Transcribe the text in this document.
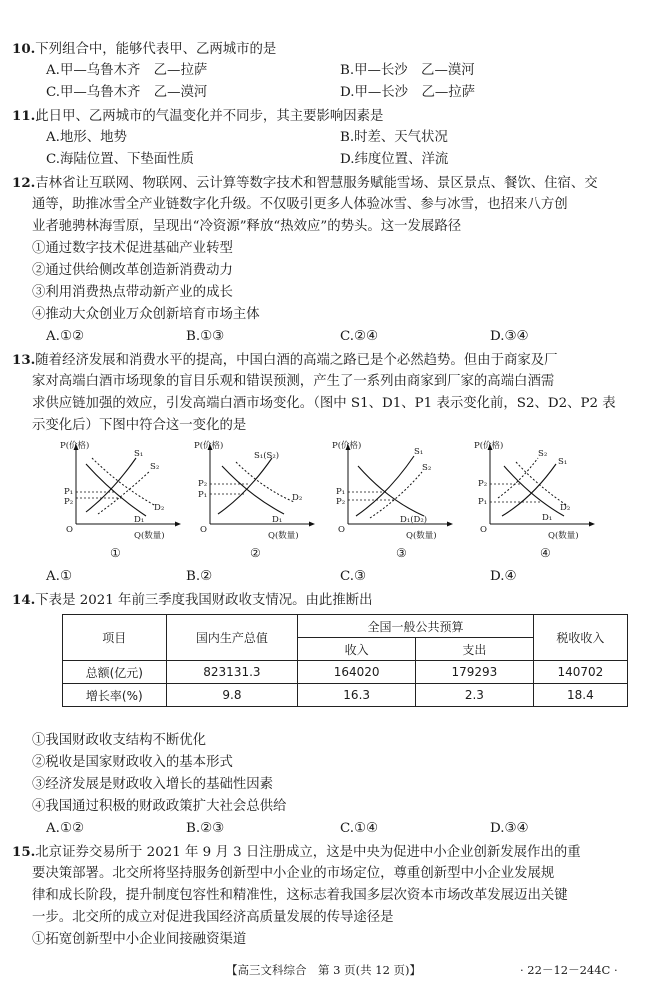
10.下列组合中，能够代表甲、乙两城市的是
A.甲—乌鲁木齐　乙—拉萨	B.甲—长沙　乙—漠河
C.甲—乌鲁木齐　乙—漠河	D.甲—长沙　乙—拉萨
11.此日甲、乙两城市的气温变化并不同步，其主要影响因素是
A.地形、地势	B.时差、天气状况
C.海陆位置、下垫面性质	D.纬度位置、洋流
12.吉林省让互联网、物联网、云计算等数字技术和智慧服务赋能雪场、景区景点、餐饮、住宿、交
通等，助推冰雪全产业链数字化升级。不仅吸引更多人体验冰雪、参与冰雪，也招来八方创
业者驰骋林海雪原，呈现出“冷资源”释放“热效应”的势头。这一发展路径
①通过数字技术促进基础产业转型
②通过供给侧改革创造新消费动力
③利用消费热点带动新产业的成长
④推动大众创业万众创新培育市场主体
A.①②	B.①③	C.②④	D.③④
13.随着经济发展和消费水平的提高，中国白酒的高端之路已是个必然趋势。但由于商家及厂
家对高端白酒市场现象的盲目乐观和错误预测，产生了一系列由商家到厂家的高端白酒需
求供应链加强的效应，引发高端白酒市场变化。（图中 S1、D1、P1 表示变化前，S2、D2、P2 表
示变化后）下图中符合这一变化的是
P(价格)
O
S₁
S₂
D₂
D₁
P₁
P₂
Q(数量)
①
P(价格)
O
S₁(S₂)
D₂
D₁
P₂
P₁
Q(数量)
②
P(价格)
O
S₁
S₂
D₁(D₂)
P₁
P₂
Q(数量)
③
P(价格)
O
S₂
S₁
D₂
D₁
P₂
P₁
Q(数量)
④
A.①	B.②	C.③	D.④
14.下表是 2021 年前三季度我国财政收支情况。由此推断出
项目	国内生产总值	全国一般公共预算		税收收入
		收入	支出	
总额(亿元)	823131.3	164020	179293	140702
增长率(%)	9.8	16.3	2.3	18.4
①我国财政收支结构不断优化
②税收是国家财政收入的基本形式
③经济发展是财政收入增长的基础性因素
④我国通过积极的财政政策扩大社会总供给
A.①②	B.②③	C.①④	D.③④
15.北京证券交易所于 2021 年 9 月 3 日注册成立，这是中央为促进中小企业创新发展作出的重
要决策部署。北交所将坚持服务创新型中小企业的市场定位，尊重创新型中小企业发展规
律和成长阶段，提升制度包容性和精准性，这标志着我国多层次资本市场改革发展迈出关键
一步。北交所的成立对促进我国经济高质量发展的传导途径是
①拓宽创新型中小企业间接融资渠道
【高三文科综合　第 3 页(共 12 页)】	· 22－12－244C ·
